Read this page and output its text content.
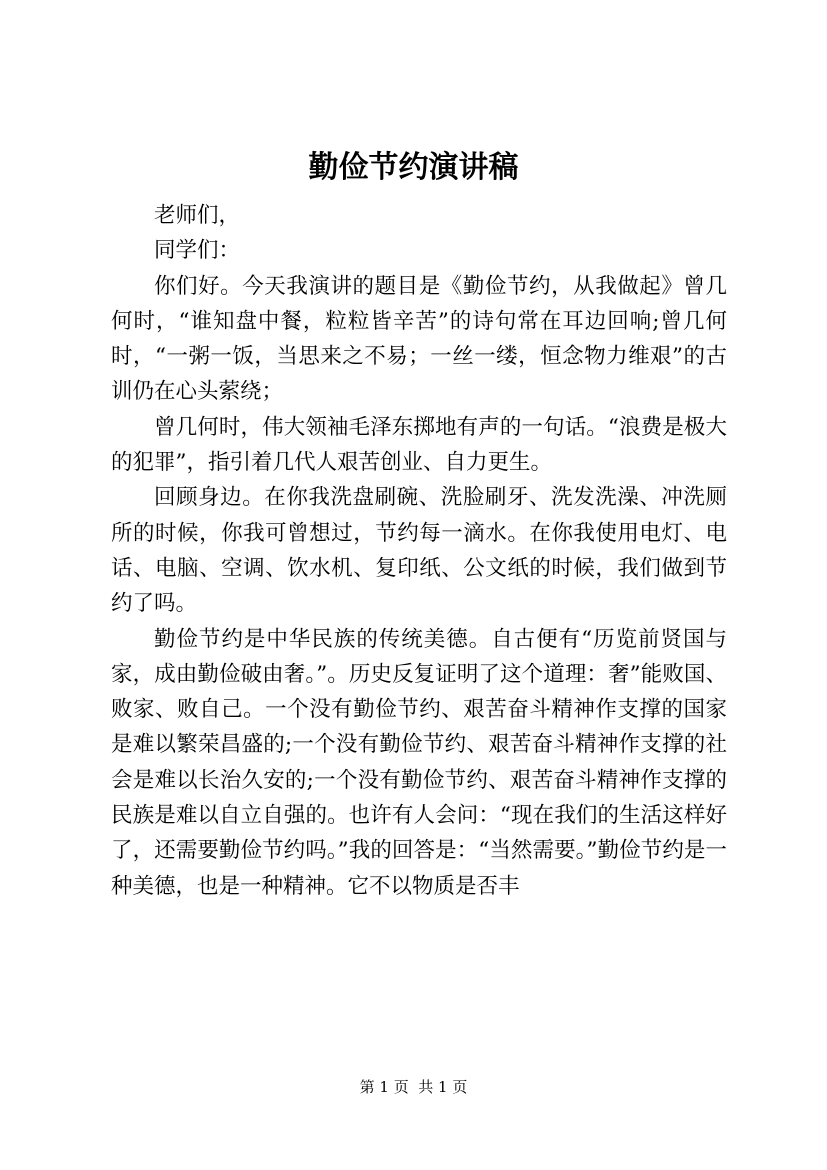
勤俭节约演讲稿

老师们，

同学们：

你们好。今天我演讲的题目是《勤俭节约，从我做起》曾几何时，“谁知盘中餐，粒粒皆辛苦”的诗句常在耳边回响;曾几何时，“一粥一饭，当思来之不易；一丝一缕，恒念物力维艰”的古训仍在心头萦绕；

曾几何时，伟大领袖毛泽东掷地有声的一句话。“浪费是极大的犯罪”，指引着几代人艰苦创业、自力更生。

回顾身边。在你我洗盘刷碗、洗脸刷牙、洗发洗澡、冲洗厕所的时候，你我可曾想过，节约每一滴水。在你我使用电灯、电话、电脑、空调、饮水机、复印纸、公文纸的时候，我们做到节约了吗。

勤俭节约是中华民族的传统美德。自古便有“历览前贤国与家，成由勤俭破由奢。”。历史反复证明了这个道理：奢”能败国、败家、败自己。一个没有勤俭节约、艰苦奋斗精神作支撑的国家是难以繁荣昌盛的;一个没有勤俭节约、艰苦奋斗精神作支撑的社会是难以长治久安的;一个没有勤俭节约、艰苦奋斗精神作支撑的民族是难以自立自强的。也许有人会问：“现在我们的生活这样好了，还需要勤俭节约吗。”我的回答是：“当然需要。”勤俭节约是一种美德，也是一种精神。它不以物质是否丰

第 1 页  共 1 页
